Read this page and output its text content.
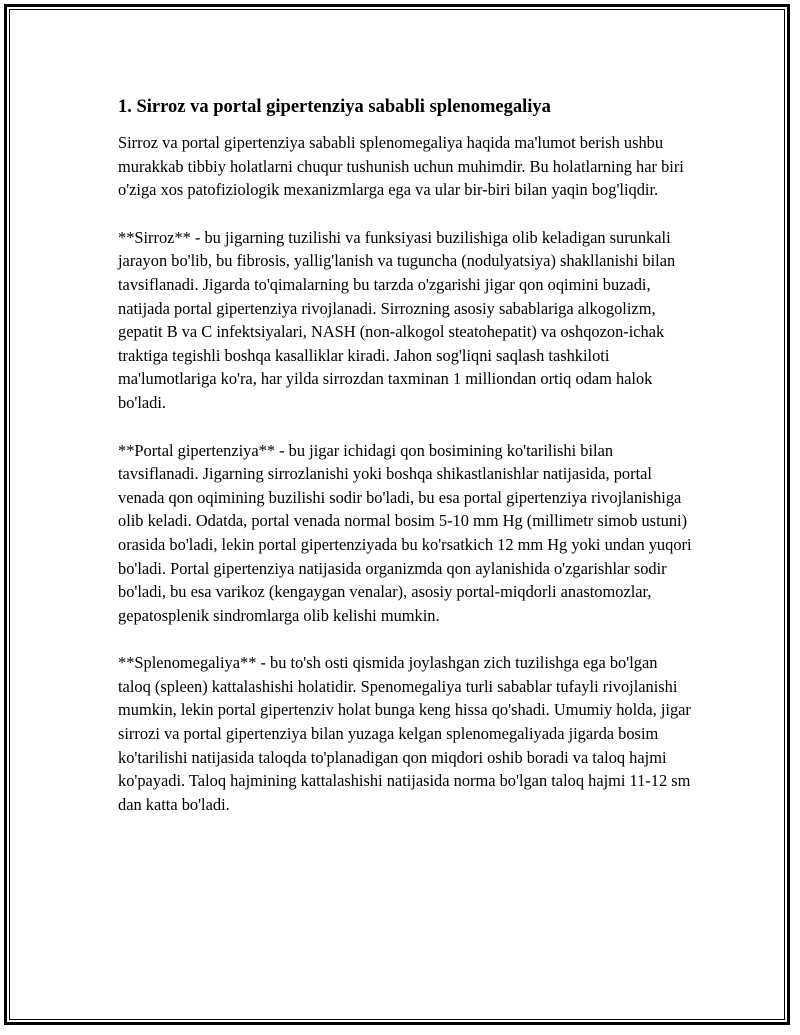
1. Sirroz va portal gipertenziya sababli splenomegaliya

Sirroz va portal gipertenziya sababli splenomegaliya haqida ma'lumot berish ushbu murakkab tibbiy holatlarni chuqur tushunish uchun muhimdir. Bu holatlarning har biri o'ziga xos patofiziologik mexanizmlarga ega va ular bir-biri bilan yaqin bog'liqdir.

**Sirroz** - bu jigarning tuzilishi va funksiyasi buzilishiga olib keladigan surunkali jarayon bo'lib, bu fibrosis, yallig'lanish va tuguncha (nodulyatsiya) shakllanishi bilan tavsiflanadi. Jigarda to'qimalarning bu tarzda o'zgarishi jigar qon oqimini buzadi, natijada portal gipertenziya rivojlanadi. Sirrozning asosiy sabablariga alkogolizm, gepatit B va C infektsiyalari, NASH (non-alkogol steatohepatit) va oshqozon-ichak traktiga tegishli boshqa kasalliklar kiradi. Jahon sog'liqni saqlash tashkiloti ma'lumotlariga ko'ra, har yilda sirrozdan taxminan 1 milliondan ortiq odam halok bo'ladi.

**Portal gipertenziya** - bu jigar ichidagi qon bosimining ko'tarilishi bilan tavsiflanadi. Jigarning sirrozlanishi yoki boshqa shikastlanishlar natijasida, portal venada qon oqimining buzilishi sodir bo'ladi, bu esa portal gipertenziya rivojlanishiga olib keladi. Odatda, portal venada normal bosim 5-10 mm Hg (millimetr simob ustuni) orasida bo'ladi, lekin portal gipertenziyada bu ko'rsatkich 12 mm Hg yoki undan yuqori bo'ladi. Portal gipertenziya natijasida organizmda qon aylanishida o'zgarishlar sodir bo'ladi, bu esa varikoz (kengaygan venalar), asosiy portal-miqdorli anastomozlar, gepatosplenik sindromlarga olib kelishi mumkin.

**Splenomegaliya** - bu to'sh osti qismida joylashgan zich tuzilishga ega bo'lgan taloq (spleen) kattalashishi holatidir. Spenomegaliya turli sabablar tufayli rivojlanishi mumkin, lekin portal gipertenziv holat bunga keng hissa qo'shadi. Umumiy holda, jigar sirrozi va portal gipertenziya bilan yuzaga kelgan splenomegaliyada jigarda bosim ko'tarilishi natijasida taloqda to'planadigan qon miqdori oshib boradi va taloq hajmi ko'payadi. Taloq hajmining kattalashishi natijasida norma bo'lgan taloq hajmi 11-12 sm dan katta bo'ladi.
